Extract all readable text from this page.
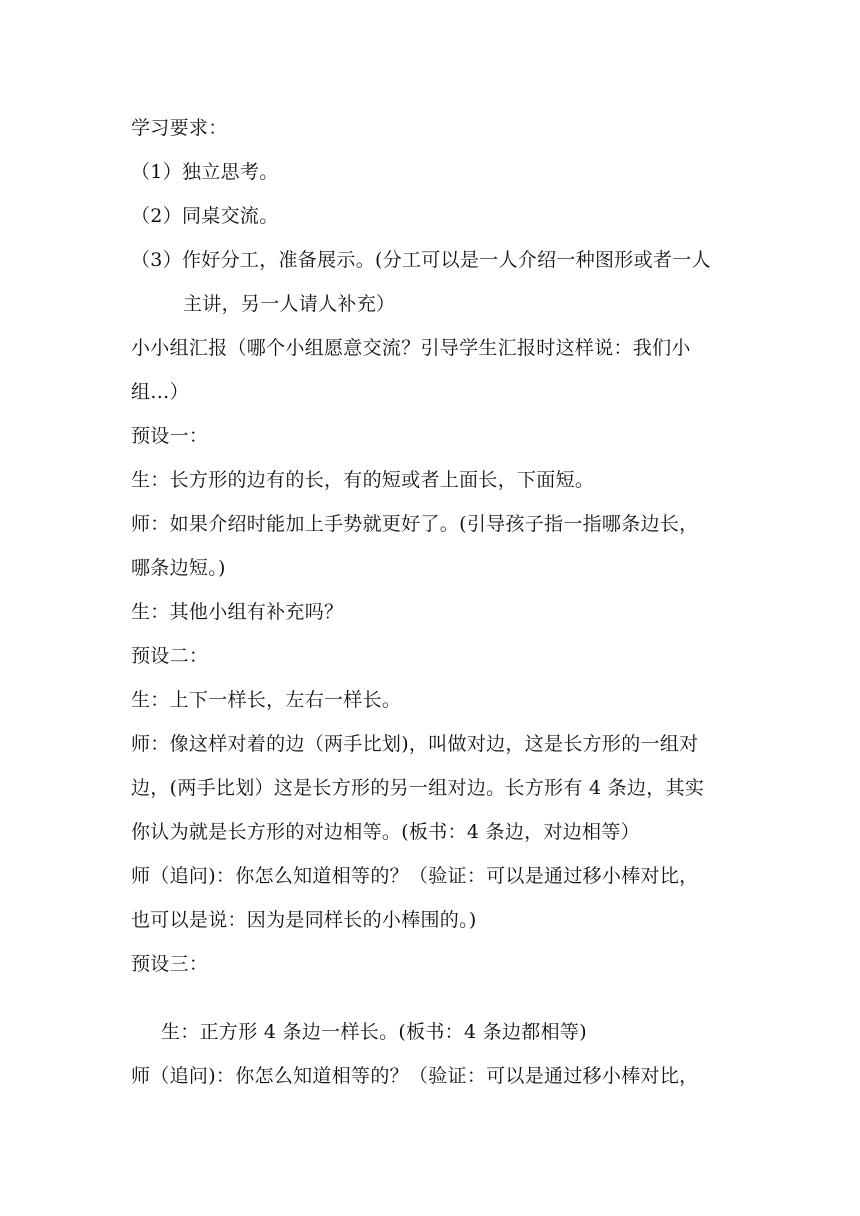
学习要求：
（1）独立思考。
（2）同桌交流。
（3）作好分工，准备展示。(分工可以是一人介绍一种图形或者一人
主讲，另一人请人补充）
小小组汇报（哪个小组愿意交流？引导学生汇报时这样说：我们小
组…）
预设一：
生：长方形的边有的长，有的短或者上面长，下面短。
师：如果介绍时能加上手势就更好了。(引导孩子指一指哪条边长，
哪条边短。)
生：其他小组有补充吗？
预设二：
生：上下一样长，左右一样长。
师：像这样对着的边（两手比划)，叫做对边，这是长方形的一组对
边，(两手比划）这是长方形的另一组对边。长方形有 4 条边，其实
你认为就是长方形的对边相等。(板书：4 条边，对边相等）
师（追问)：你怎么知道相等的？（验证：可以是通过移小棒对比，
也可以是说：因为是同样长的小棒围的。)
预设三：
生：正方形 4 条边一样长。(板书：4 条边都相等)
师（追问)：你怎么知道相等的？（验证：可以是通过移小棒对比，
